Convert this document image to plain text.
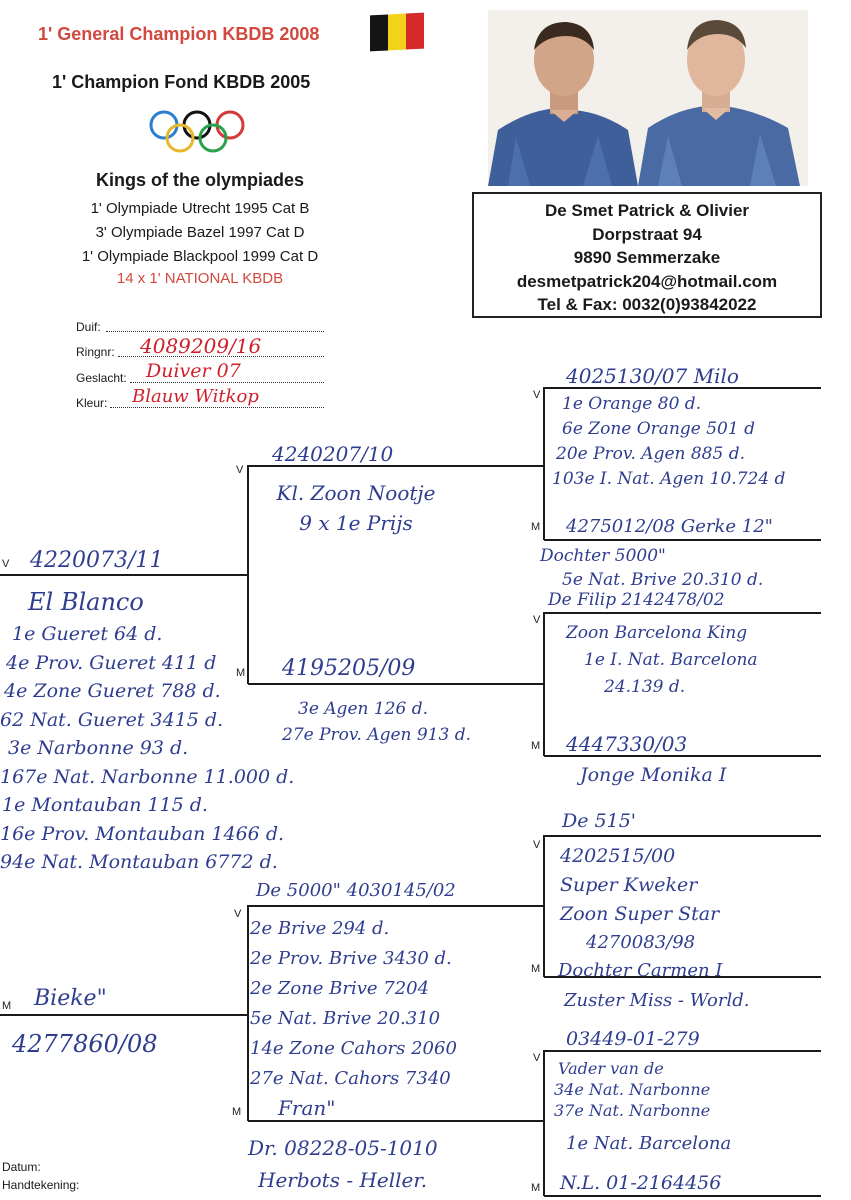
1' General Champion KBDB 2008
1' Champion Fond KBDB 2005
Kings of the olympiades
1' Olympiade Utrecht 1995 Cat B
3' Olympiade Bazel 1997 Cat D
1' Olympiade Blackpool 1999 Cat D
14 x 1' NATIONAL KBDB
De Smet Patrick & Olivier
Dorpstraat 94
9890 Semmerzake
desmetpatrick204@hotmail.com
Tel & Fax: 0032(0)93842022
Duif:
Ringnr: 4089209/16
Geslacht: Duiver 07
Kleur: Blauw Witkop
V
M
V
M
V
M
V
M
V
M
V
M
V
M
4220073/11
El Blanco
1e Gueret 64 d.
4e Prov. Gueret 411 d
4e Zone Gueret 788 d.
62 Nat. Gueret 3415 d.
3e Narbonne 93 d.
167e Nat. Narbonne 11.000 d.
1e Montauban 115 d.
16e Prov. Montauban 1466 d.
94e Nat. Montauban 6772 d.
Bieke"
4277860/08
4240207/10
Kl. Zoon Nootje
9 x 1e Prijs
4195205/09
3e Agen 126 d.
27e Prov. Agen 913 d.
De 5000" 4030145/02
2e Brive 294 d.
2e Prov. Brive 3430 d.
2e Zone Brive 7204
5e Nat. Brive 20.310
14e Zone Cahors 2060
27e Nat. Cahors 7340
Fran"
Dr. 08228-05-1010
Herbots - Heller.
4025130/07 Milo
1e Orange 80 d.
6e Zone Orange 501 d
20e Prov. Agen 885 d.
103e I. Nat. Agen 10.724 d
4275012/08 Gerke 12"
Dochter 5000"
5e Nat. Brive 20.310 d.
De Filip 2142478/02
Zoon Barcelona King
1e I. Nat. Barcelona
24.139 d.
4447330/03
Jonge Monika I
De 515'
4202515/00
Super Kweker
Zoon Super Star
4270083/98
Dochter Carmen I
Zuster Miss - World.
03449-01-279
Vader van de
34e Nat. Narbonne
37e Nat. Narbonne
1e Nat. Barcelona
N.L. 01-2164456
Datum:
Handtekening:
